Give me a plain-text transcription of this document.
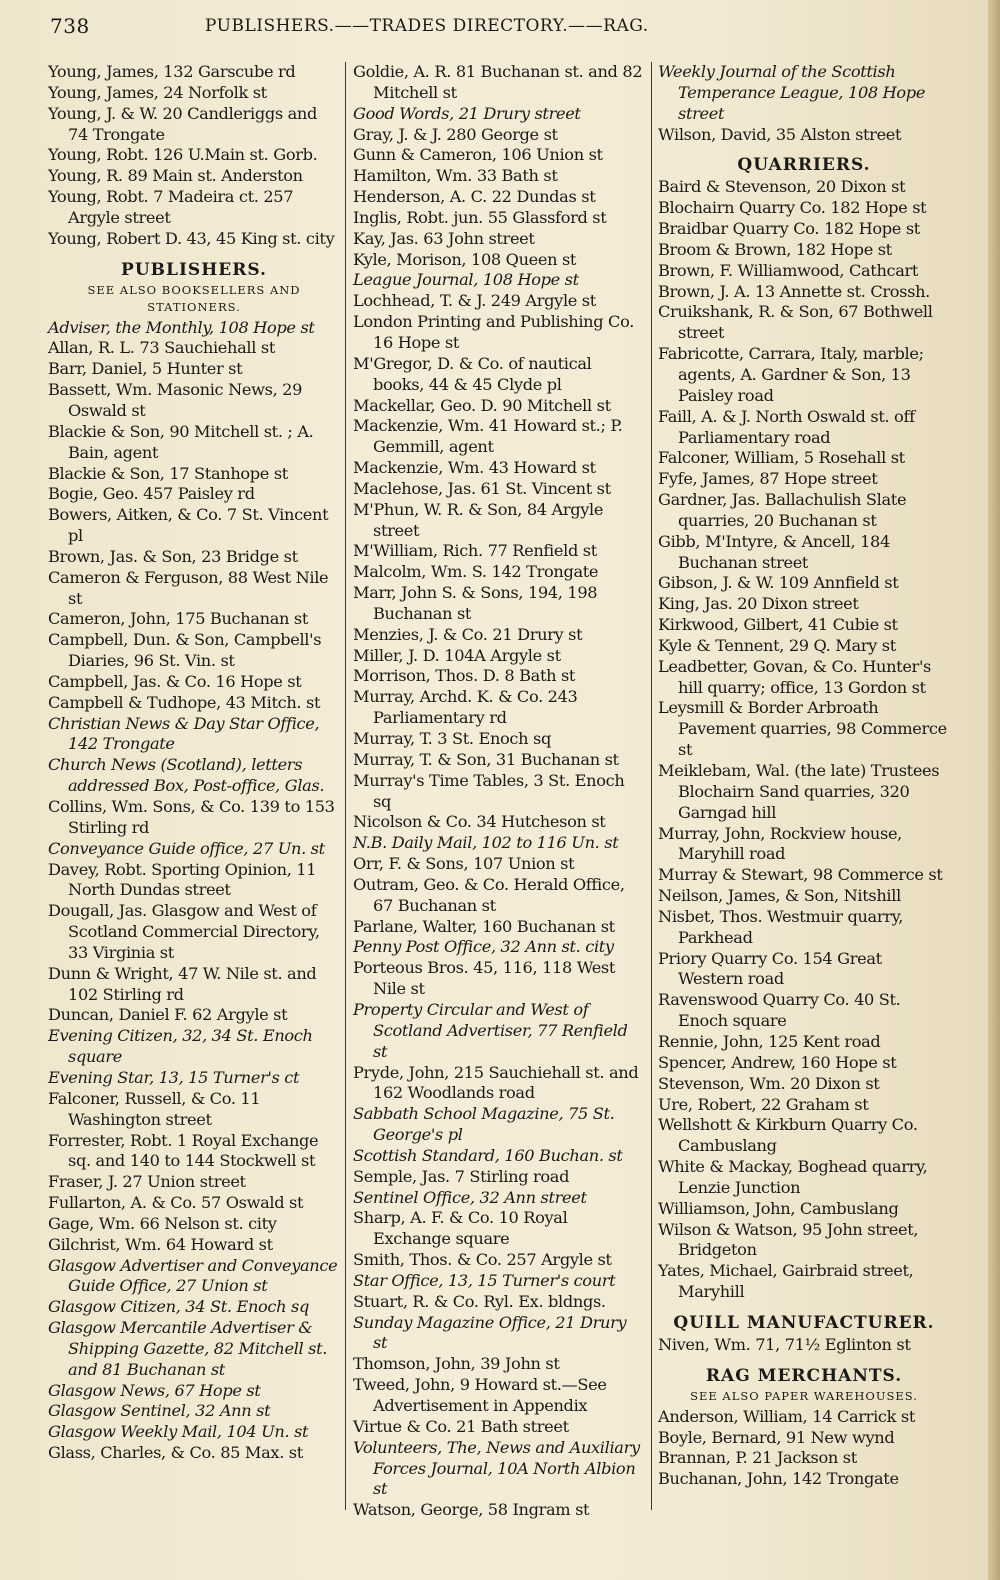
738	PUBLISHERS.——TRADES DIRECTORY.——RAG.
Young, James, 132 Garscube rd
Young, James, 24 Norfolk st
Young, J. & W. 20 Candleriggs and 74 Trongate
Young, Robt. 126 U.Main st. Gorb.
Young, R. 89 Main st. Anderston
Young, Robt. 7 Madeira ct. 257 Argyle street
Young, Robert D. 43, 45 King st. city
PUBLISHERS.
SEE ALSO BOOKSELLERS AND STATIONERS.
Adviser, the Monthly, 108 Hope st
Allan, R. L. 73 Sauchiehall st
Barr, Daniel, 5 Hunter st
Bassett, Wm. Masonic News, 29 Oswald st
Blackie & Son, 90 Mitchell st. ; A. Bain, agent
Blackie & Son, 17 Stanhope st
Bogie, Geo. 457 Paisley rd
Bowers, Aitken, & Co. 7 St. Vincent pl
Brown, Jas. & Son, 23 Bridge st
Cameron & Ferguson, 88 West Nile st
Cameron, John, 175 Buchanan st
Campbell, Dun. & Son, Campbell's Diaries, 96 St. Vin. st
Campbell, Jas. & Co. 16 Hope st
Campbell & Tudhope, 43 Mitch. st
Christian News & Day Star Office, 142 Trongate
Church News (Scotland), letters addressed Box, Post-office, Glas.
Collins, Wm. Sons, & Co. 139 to 153 Stirling rd
Conveyance Guide office, 27 Un. st
Davey, Robt. Sporting Opinion, 11 North Dundas street
Dougall, Jas. Glasgow and West of Scotland Commercial Directory, 33 Virginia st
Dunn & Wright, 47 W. Nile st. and 102 Stirling rd
Duncan, Daniel F. 62 Argyle st
Evening Citizen, 32, 34 St. Enoch square
Evening Star, 13, 15 Turner's ct
Falconer, Russell, & Co. 11 Washington street
Forrester, Robt. 1 Royal Exchange sq. and 140 to 144 Stockwell st
Fraser, J. 27 Union street
Fullarton, A. & Co. 57 Oswald st
Gage, Wm. 66 Nelson st. city
Gilchrist, Wm. 64 Howard st
Glasgow Advertiser and Conveyance Guide Office, 27 Union st
Glasgow Citizen, 34 St. Enoch sq
Glasgow Mercantile Advertiser & Shipping Gazette, 82 Mitchell st. and 81 Buchanan st
Glasgow News, 67 Hope st
Glasgow Sentinel, 32 Ann st
Glasgow Weekly Mail, 104 Un. st
Glass, Charles, & Co. 85 Max. st
Goldie, A. R. 81 Buchanan st. and 82 Mitchell st
Good Words, 21 Drury street
Gray, J. & J. 280 George st
Gunn & Cameron, 106 Union st
Hamilton, Wm. 33 Bath st
Henderson, A. C. 22 Dundas st
Inglis, Robt. jun. 55 Glassford st
Kay, Jas. 63 John street
Kyle, Morison, 108 Queen st
League Journal, 108 Hope st
Lochhead, T. & J. 249 Argyle st
London Printing and Publishing Co. 16 Hope st
M'Gregor, D. & Co. of nautical books, 44 & 45 Clyde pl
Mackellar, Geo. D. 90 Mitchell st
Mackenzie, Wm. 41 Howard st.; P. Gemmill, agent
Mackenzie, Wm. 43 Howard st
Maclehose, Jas. 61 St. Vincent st
M'Phun, W. R. & Son, 84 Argyle street
M'William, Rich. 77 Renfield st
Malcolm, Wm. S. 142 Trongate
Marr, John S. & Sons, 194, 198 Buchanan st
Menzies, J. & Co. 21 Drury st
Miller, J. D. 104A Argyle st
Morrison, Thos. D. 8 Bath st
Murray, Archd. K. & Co. 243 Parliamentary rd
Murray, T. 3 St. Enoch sq
Murray, T. & Son, 31 Buchanan st
Murray's Time Tables, 3 St. Enoch sq
Nicolson & Co. 34 Hutcheson st
N.B. Daily Mail, 102 to 116 Un. st
Orr, F. & Sons, 107 Union st
Outram, Geo. & Co. Herald Office, 67 Buchanan st
Parlane, Walter, 160 Buchanan st
Penny Post Office, 32 Ann st. city
Porteous Bros. 45, 116, 118 West Nile st
Property Circular and West of Scotland Advertiser, 77 Renfield st
Pryde, John, 215 Sauchiehall st. and 162 Woodlands road
Sabbath School Magazine, 75 St. George's pl
Scottish Standard, 160 Buchan. st
Semple, Jas. 7 Stirling road
Sentinel Office, 32 Ann street
Sharp, A. F. & Co. 10 Royal Exchange square
Smith, Thos. & Co. 257 Argyle st
Star Office, 13, 15 Turner's court
Stuart, R. & Co. Ryl. Ex. bldngs.
Sunday Magazine Office, 21 Drury st
Thomson, John, 39 John st
Tweed, John, 9 Howard st.—See Advertisement in Appendix
Virtue & Co. 21 Bath street
Volunteers, The, News and Auxiliary Forces Journal, 10A North Albion st
Watson, George, 58 Ingram st
Weekly Journal of the Scottish Temperance League, 108 Hope street
Wilson, David, 35 Alston street
QUARRIERS.
Baird & Stevenson, 20 Dixon st
Blochairn Quarry Co. 182 Hope st
Braidbar Quarry Co. 182 Hope st
Broom & Brown, 182 Hope st
Brown, F. Williamwood, Cathcart
Brown, J. A. 13 Annette st. Crossh.
Cruikshank, R. & Son, 67 Bothwell street
Fabricotte, Carrara, Italy, marble; agents, A. Gardner & Son, 13 Paisley road
Faill, A. & J. North Oswald st. off Parliamentary road
Falconer, William, 5 Rosehall st
Fyfe, James, 87 Hope street
Gardner, Jas. Ballachulish Slate quarries, 20 Buchanan st
Gibb, M'Intyre, & Ancell, 184 Buchanan street
Gibson, J. & W. 109 Annfield st
King, Jas. 20 Dixon street
Kirkwood, Gilbert, 41 Cubie st
Kyle & Tennent, 29 Q. Mary st
Leadbetter, Govan, & Co. Hunter's hill quarry; office, 13 Gordon st
Leysmill & Border Arbroath Pavement quarries, 98 Commerce st
Meiklebam, Wal. (the late) Trustees Blochairn Sand quarries, 320 Garngad hill
Murray, John, Rockview house, Maryhill road
Murray & Stewart, 98 Commerce st
Neilson, James, & Son, Nitshill
Nisbet, Thos. Westmuir quarry, Parkhead
Priory Quarry Co. 154 Great Western road
Ravenswood Quarry Co. 40 St. Enoch square
Rennie, John, 125 Kent road
Spencer, Andrew, 160 Hope st
Stevenson, Wm. 20 Dixon st
Ure, Robert, 22 Graham st
Wellshott & Kirkburn Quarry Co. Cambuslang
White & Mackay, Boghead quarry, Lenzie Junction
Williamson, John, Cambuslang
Wilson & Watson, 95 John street, Bridgeton
Yates, Michael, Gairbraid street, Maryhill
QUILL MANUFACTURER.
Niven, Wm. 71, 71½ Eglinton st
RAG MERCHANTS.
SEE ALSO PAPER WAREHOUSES.
Anderson, William, 14 Carrick st
Boyle, Bernard, 91 New wynd
Brannan, P. 21 Jackson st
Buchanan, John, 142 Trongate
